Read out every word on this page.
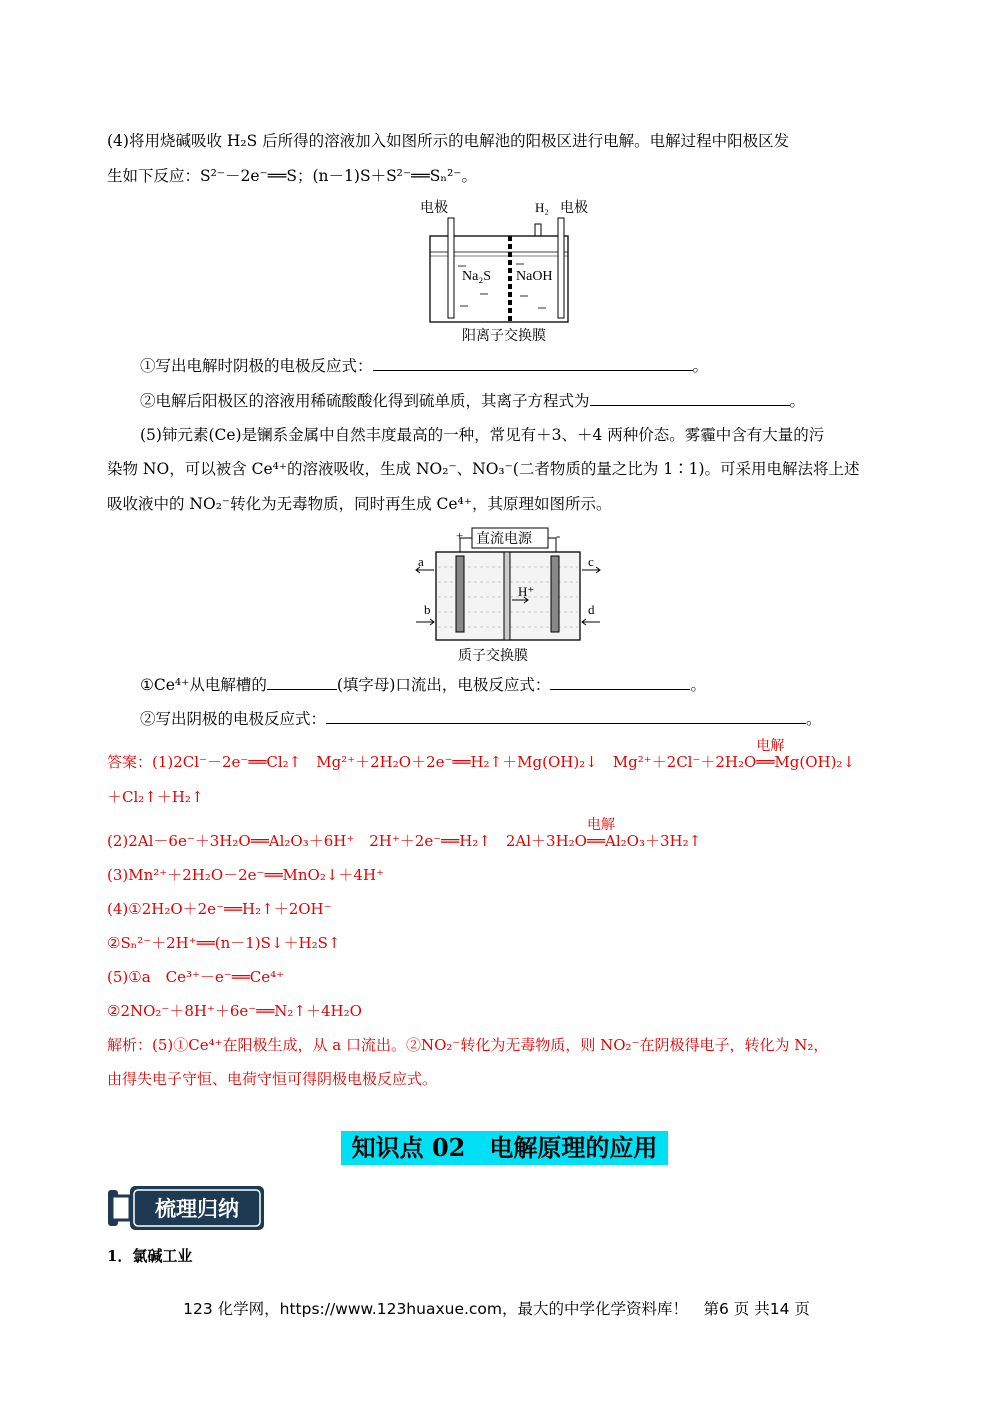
(4)将用烧碱吸收 H₂S 后所得的溶液加入如图所示的电解池的阳极区进行电解。电解过程中阳极区发
生如下反应：S²⁻－2e⁻══S；(n－1)S＋S²⁻══Sₙ²⁻。
电极	H₂ 电极
Na₂S NaOH
阳离子交换膜
①写出电解时阴极的电极反应式：	。
②电解后阳极区的溶液用稀硫酸酸化得到硫单质，其离子方程式为	。
(5)铈元素(Ce)是镧系金属中自然丰度最高的一种，常见有＋3、＋4 两种价态。雾霾中含有大量的污
染物 NO，可以被含 Ce⁴⁺的溶液吸收，生成 NO₂⁻、NO₃⁻(二者物质的量之比为 1∶1)。可采用电解法将上述
吸收液中的 NO₂⁻转化为无毒物质，同时再生成 Ce⁴⁺，其原理如图所示。
直流电源
+	-
a
b
c
d
H⁺
质子交换膜
①Ce⁴⁺从电解槽的	(填字母)口流出，电极反应式：	。
②写出阴极的电极反应式：	。
答案：(1)2Cl⁻－2e⁻══Cl₂↑　Mg²⁺＋2H₂O＋2e⁻══H₂↑＋Mg(OH)₂↓　Mg²⁺＋2Cl⁻＋2H₂O
电解
══Mg(OH)₂↓
＋Cl₂↑＋H₂↑
(2)2Al－6e⁻＋3H₂O══Al₂O₃＋6H⁺　2H⁺＋2e⁻══H₂↑　2Al＋3H₂O
电解
══Al₂O₃＋3H₂↑
(3)Mn²⁺＋2H₂O－2e⁻══MnO₂↓＋4H⁺
(4)①2H₂O＋2e⁻══H₂↑＋2OH⁻
②Sₙ²⁻＋2H⁺══(n－1)S↓＋H₂S↑
(5)①a　Ce³⁺－e⁻══Ce⁴⁺
②2NO₂⁻＋8H⁺＋6e⁻══N₂↑＋4H₂O
解析：(5)①Ce⁴⁺在阳极生成，从 a 口流出。②NO₂⁻转化为无毒物质，则 NO₂⁻在阴极得电子，转化为 N₂，
由得失电子守恒、电荷守恒可得阴极电极反应式。
知识点 02　电解原理的应用
梳理归纳
1．氯碱工业
123 化学网，https://www.123huaxue.com，最大的中学化学资料库！　第6 页 共14 页
